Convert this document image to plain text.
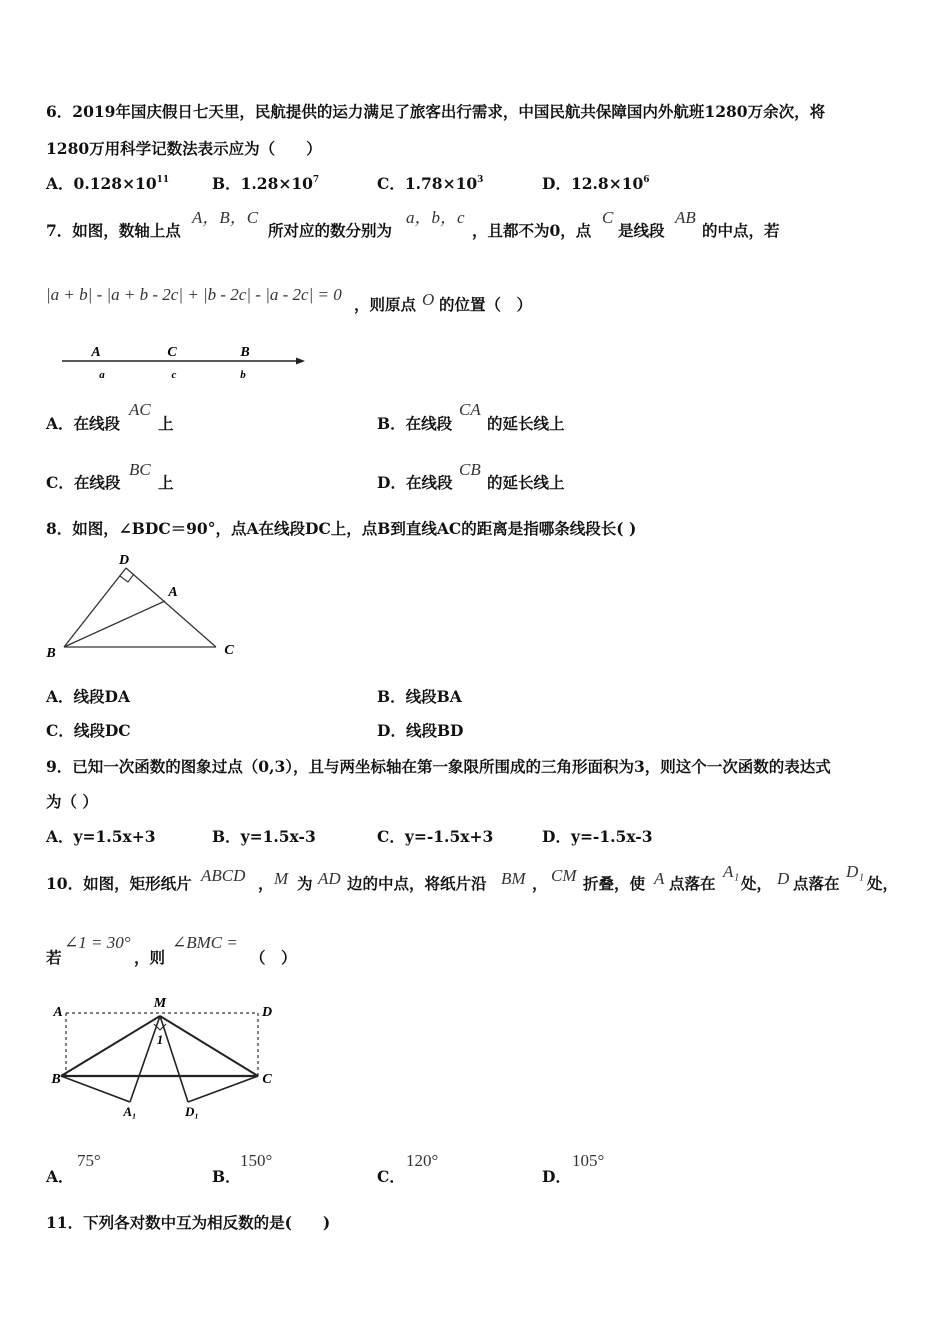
6．2019年国庆假日七天里，民航提供的运力满足了旅客出行需求，中国民航共保障国内外航班1280万余次，将
1280万用科学记数法表示应为（　　）
A．$0.128\times 10^{11}$	B．$1.28\times 10^7$	C．$1.78\times 10^3$	D．$12.8\times 10^6$
7．如图，数轴上点
A，B，C
所对应的数分别为
a，b，c
，且都不为0，点
C
是线段
AB
的中点，若
|a + b| - |a + b - 2c| + |b - 2c| - |a - 2c| = 0
，则原点 O 的位置（　）
A	C	B
a	c	b
A．在线段
AC
上	B．在线段
CA
的延长线上
C．在线段
BC
上	D．在线段
CB
的延长线上
8．如图，∠BDC＝90°，点A在线段DC上，点B到直线AC的距离是指哪条线段长( )
D
A
B	C
A．线段DA	B．线段BA
C．线段DC	D．线段BD
9．已知一次函数的图象过点（0,3），且与两坐标轴在第一象限所围成的三角形面积为3，则这个一次函数的表达式
为（ ）
A．y=1.5x+3	B．y=1.5x-3	C．y=-1.5x+3	D．y=-1.5x-3
10．如图，矩形纸片 ABCD ， M 为 AD 边的中点，将纸片沿 BM ， CM 折叠，使 A 点落在
A₁
处， D 点落在
D₁
处，
若
∠1 = 30°
，则
∠BMC =
（　）
A
M
D
B	C
A₁	D₁
1
A．
75°
B．
150°
C．
120°
D．
105°
11．下列各对数中互为相反数的是(　　)
